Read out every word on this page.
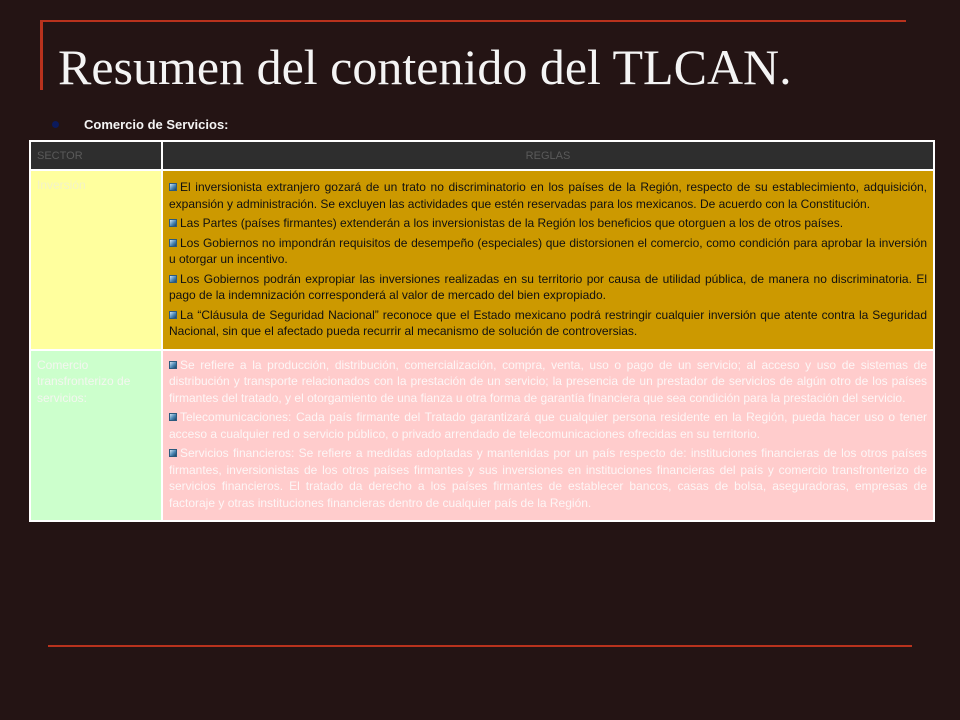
Resumen del contenido del TLCAN.
Comercio de Servicios:
SECTOR	REGLAS
Inversión	El inversionista extranjero gozará de un trato no discriminatorio en los países de la Región, respecto de su establecimiento, adquisición, expansión y administración. Se excluyen las actividades que estén reservadas para los mexicanos. De acuerdo con la Constitución.

Las Partes (países firmantes) extenderán a los inversionistas de la Región los beneficios que otorguen a los de otros países.

Los Gobiernos no impondrán requisitos de desempeño (especiales) que distorsionen el comercio, como condición para aprobar la inversión u otorgar un incentivo.

Los Gobiernos podrán expropiar las inversiones realizadas en su territorio por causa de utilidad pública, de manera no discriminatoria. El pago de la indemnización corresponderá al valor de mercado del bien expropiado.

La “Cláusula de Seguridad Nacional” reconoce que el Estado mexicano podrá restringir cualquier inversión que atente contra la Seguridad Nacional, sin que el afectado pueda recurrir al mecanismo de solución de controversias.

Comercio transfronterizo de servicios:	Se refiere a la producción, distribución, comercialización, compra, venta, uso o pago de un servicio; al acceso y uso de sistemas de distribución y transporte relacionados con la prestación de un servicio; la presencia de un prestador de servicios de algún otro de los países firmantes del tratado, y el otorgamiento de una fianza u otra forma de garantía financiera que sea condición para la prestación del servicio.

Telecomunicaciones: Cada país firmante del Tratado garantizará que cualquier persona residente en la Región, pueda hacer uso o tener acceso a cualquier red o servicio público, o privado arrendado de telecomunicaciones ofrecidas en su territorio.

Servicios financieros: Se refiere a medidas adoptadas y mantenidas por un país respecto de: instituciones financieras de los otros países firmantes, inversionistas de los otros países firmantes y sus inversiones en instituciones financieras del país y comercio transfronterizo de servicios financieros. El tratado da derecho a los países firmantes de establecer bancos, casas de bolsa, aseguradoras, empresas de factoraje y otras instituciones financieras dentro de cualquier país de la Región.
